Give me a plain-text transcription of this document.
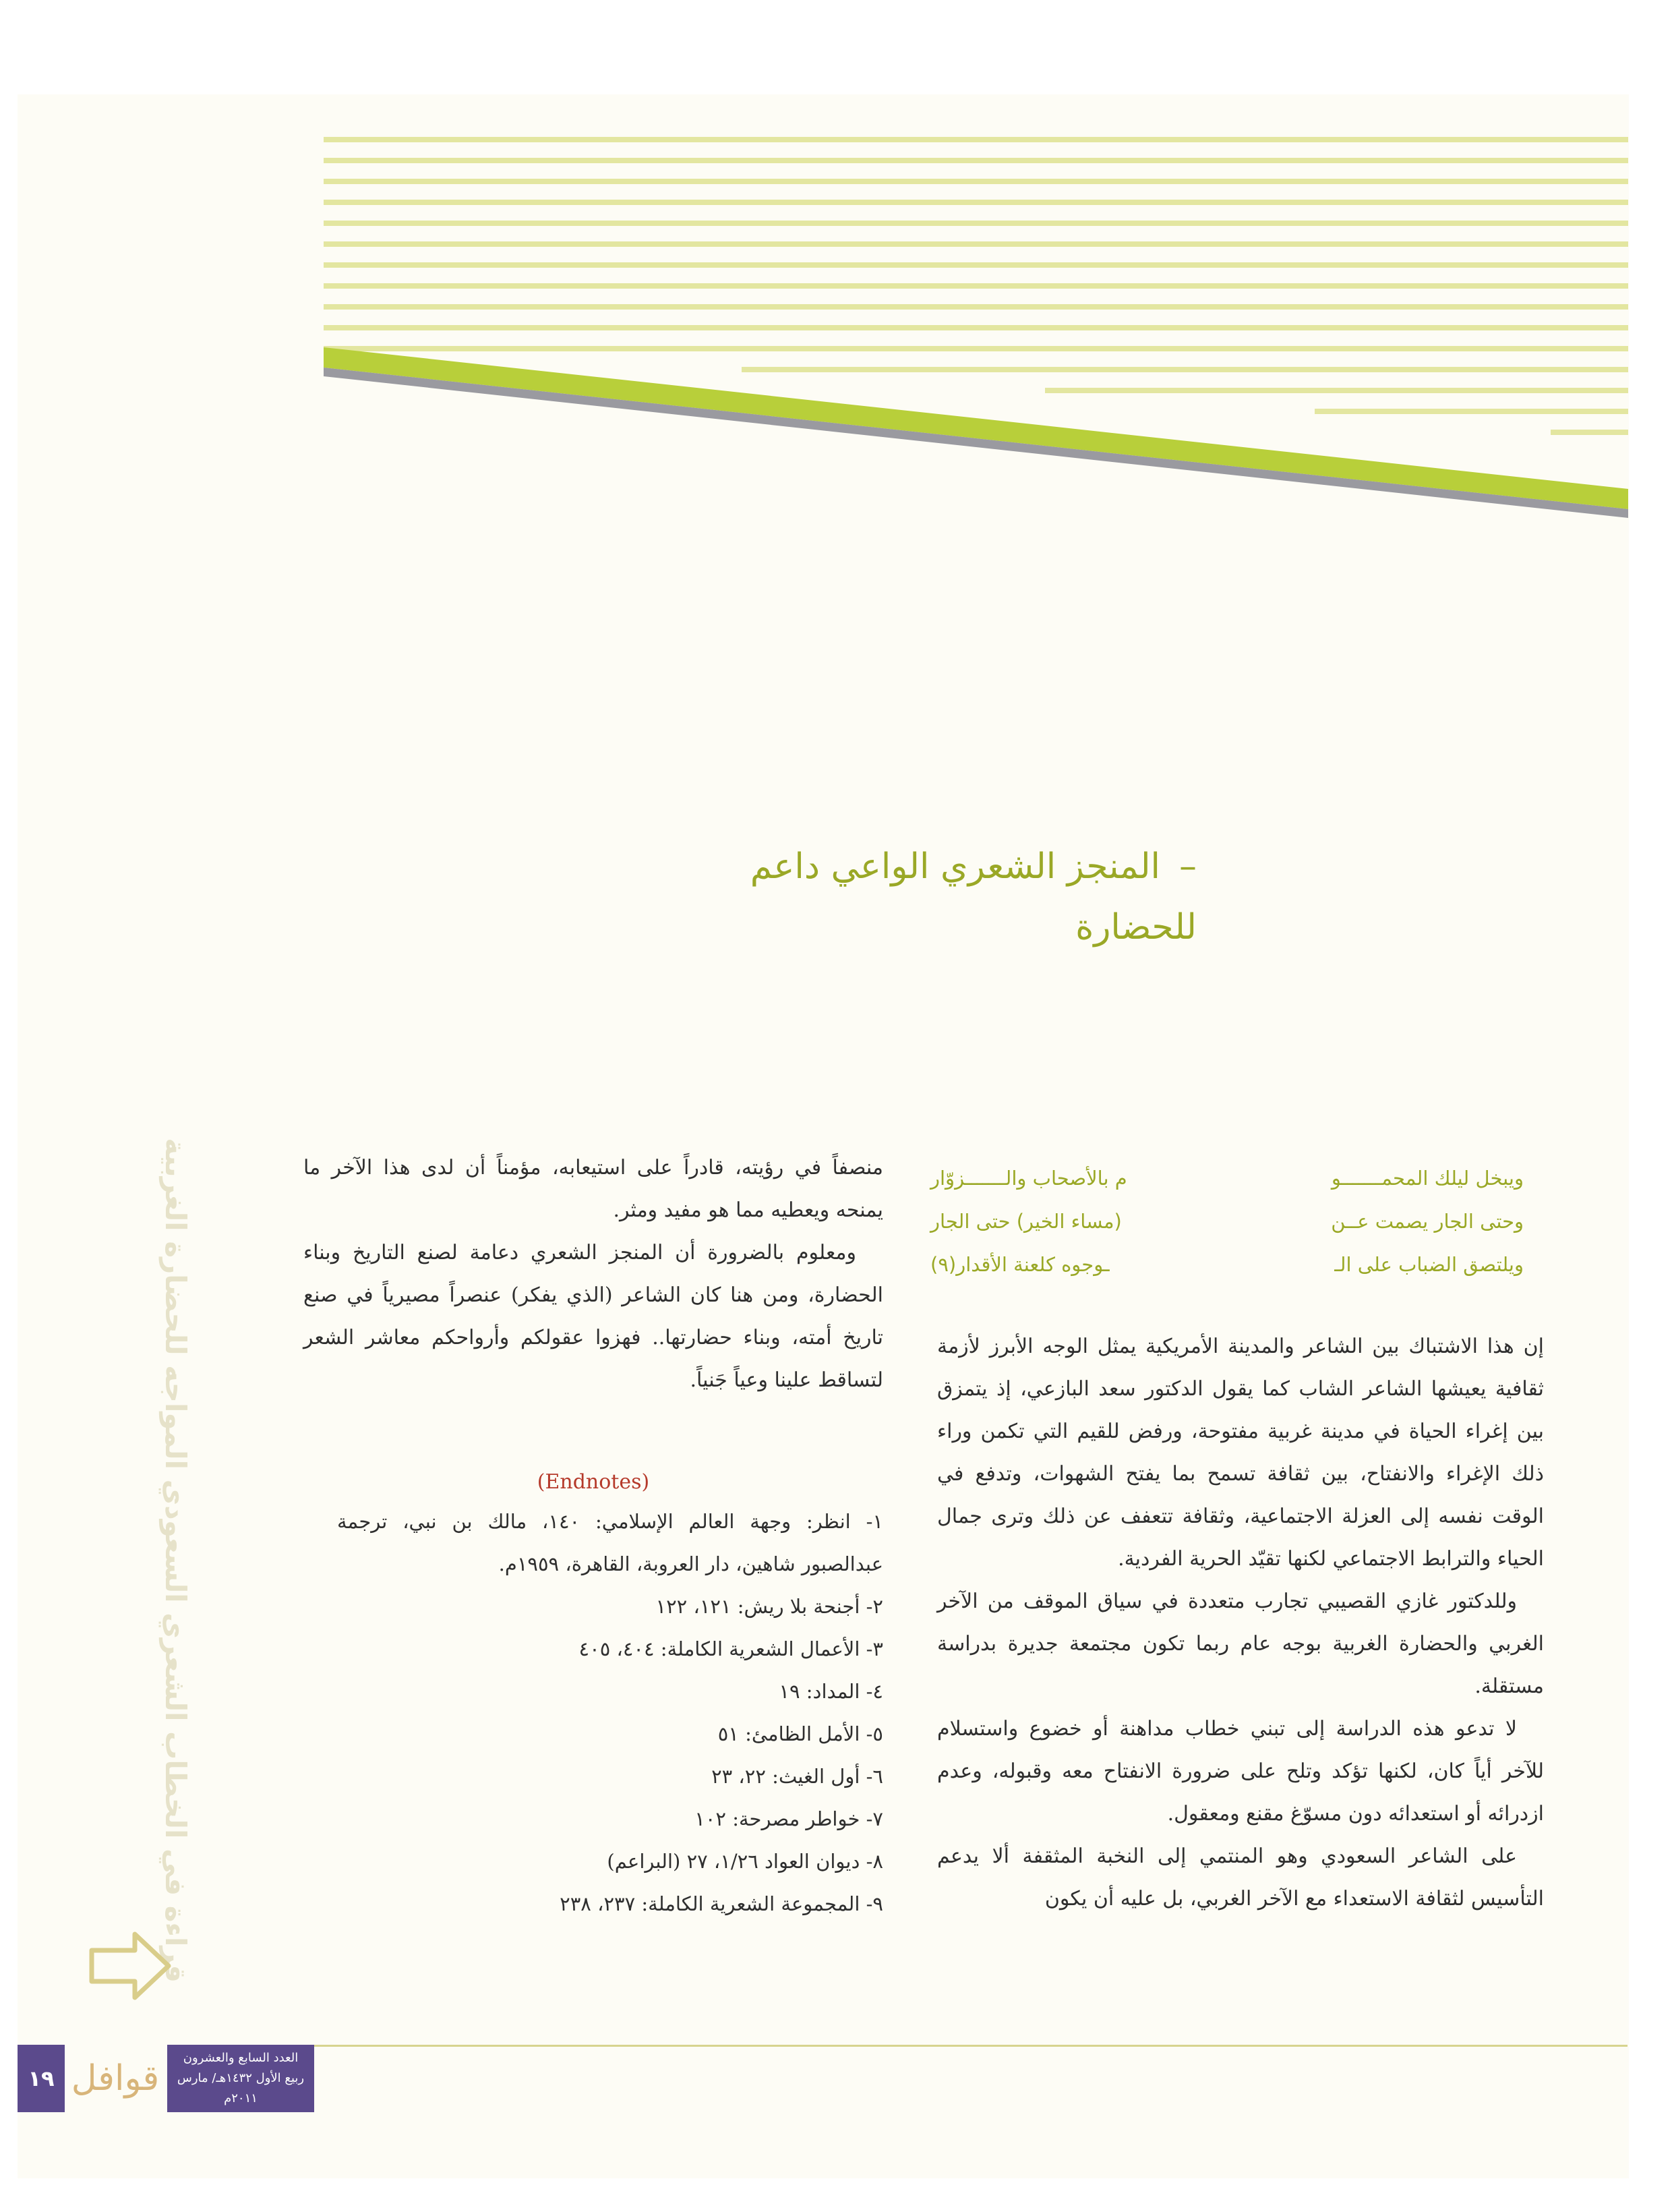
–المنجز الشعري الواعي داعم
للحضارة
قراءة في الخطاب الشعري السعودي المواجه للحضارة الغربية	ويبخل ليلك المحمـــــــو
م بالأصحاب والـــــــزوّار
وحتى الجار يصمت عــن
(مساء الخير) حتى الجار
ويلتصق الضباب على الـ
ـوجوه كلعنة الأقدار(٩)

إن هذا الاشتباك بين الشاعر والمدينة الأمريكية يمثل الوجه الأبرز لأزمة ثقافية يعيشها الشاعر الشاب كما يقول الدكتور سعد البازعي، إذ يتمزق بين إغراء الحياة في مدينة غربية مفتوحة، ورفض للقيم التي تكمن وراء ذلك الإغراء والانفتاح، بين ثقافة تسمح بما يفتح الشهوات، وتدفع في الوقت نفسه إلى العزلة الاجتماعية، وثقافة تتعفف عن ذلك وترى جمال الحياء والترابط الاجتماعي لكنها تقيّد الحرية الفردية.

وللدكتور غازي القصيبي تجارب متعددة في سياق الموقف من الآخر الغربي والحضارة الغربية بوجه عام ربما تكون مجتمعة جديرة بدراسة مستقلة.

لا تدعو هذه الدراسة إلى تبني خطاب مداهنة أو خضوع واستسلام للآخر أياً كان، لكنها تؤكد وتلح على ضرورة الانفتاح معه وقبوله، وعدم ازدرائه أو استعدائه دون مسوّغ مقنع ومعقول.

على الشاعر السعودي وهو المنتمي إلى النخبة المثقفة ألا يدعم التأسيس لثقافة الاستعداء مع الآخر الغربي، بل عليه أن يكون

منصفاً في رؤيته، قادراً على استيعابه، مؤمناً أن لدى هذا الآخر ما يمنحه ويعطيه مما هو مفيد ومثر.

ومعلوم بالضرورة أن المنجز الشعري دعامة لصنع التاريخ وبناء الحضارة، ومن هنا كان الشاعر (الذي يفكر) عنصراً مصيرياً في صنع تاريخ أمته، وبناء حضارتها.. فهزوا عقولكم وأرواحكم معاشر الشعر لتساقط علينا وعياً جَنياً.

(Endnotes)
١- انظر: وجهة العالم الإسلامي: ١٤٠، مالك بن نبي، ترجمة عبدالصبور شاهين، دار العروبة، القاهرة، ١٩٥٩م.
٢- أجنحة بلا ريش: ١٢١، ١٢٢
٣- الأعمال الشعرية الكاملة: ٤٠٤، ٤٠٥
٤- المداد: ١٩
٥- الأمل الظامئ: ٥١
٦- أول الغيث: ٢٢، ٢٣
٧- خواطر مصرحة: ١٠٢
٨- ديوان العواد ١/٢٦، ٢٧ (البراعم)
٩- المجموعة الشعرية الكاملة: ٢٣٧، ٢٣٨
١٩ قوافل
العدد السابع والعشرون
ربيع الأول ١٤٣٢هـ/ مارس ٢٠١١م
